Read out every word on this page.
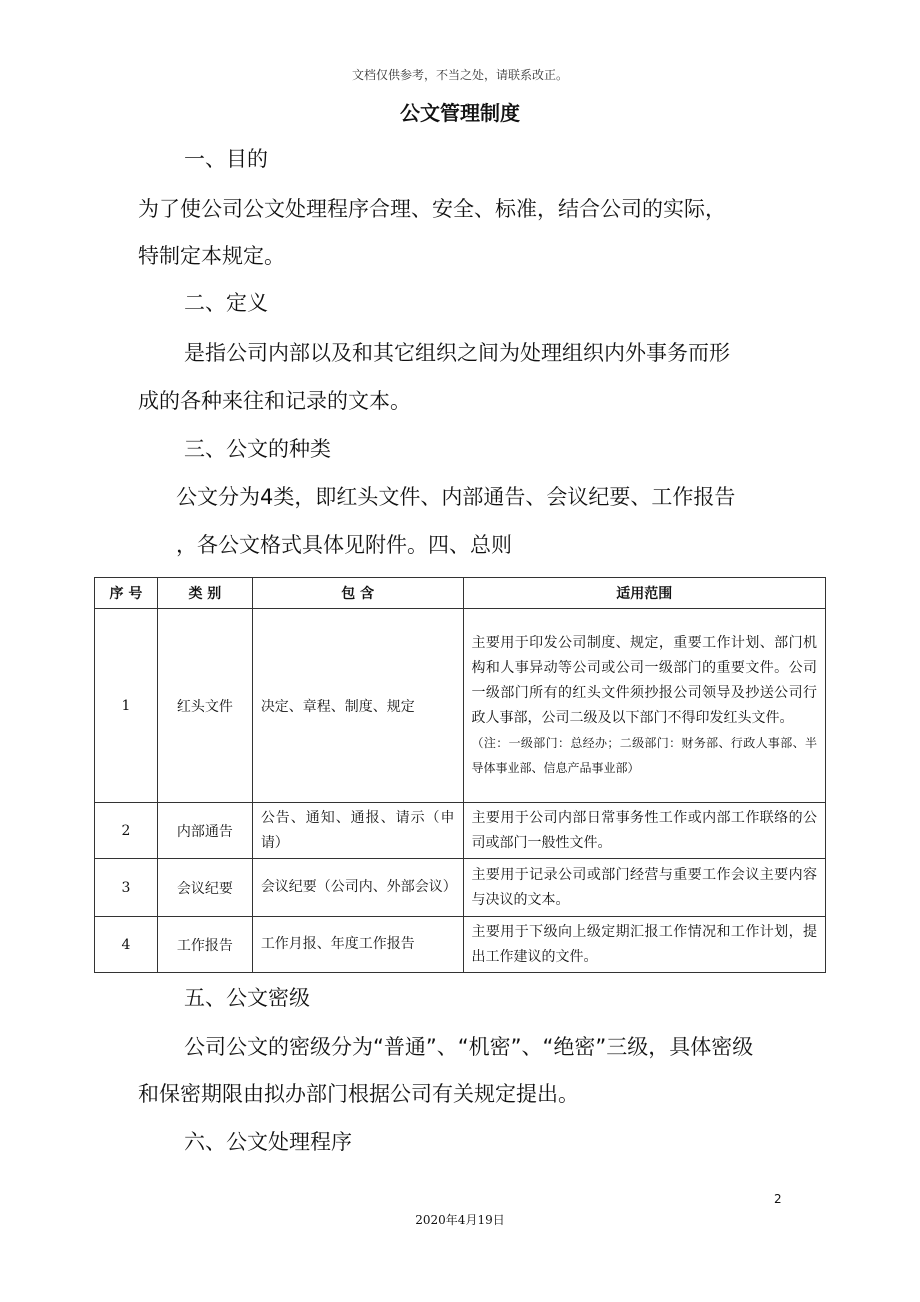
文档仅供参考，不当之处，请联系改正。
公文管理制度
一、目的
为了使公司公文处理程序合理、安全、标准，结合公司的实际，
特制定本规定。
二、定义
是指公司内部以及和其它组织之间为处理组织内外事务而形
成的各种来往和记录的文本。
三、公文的种类
公文分为4类，即红头文件、内部通告、会议纪要、工作报告
，各公文格式具体见附件。四、总则
序 号	类 别	包 含	适用范围
1	红头文件	决定、章程、制度、规定	主要用于印发公司制度、规定，重要工作计划、部门机构和人事异动等公司或公司一级部门的重要文件。公司一级部门所有的红头文件须抄报公司领导及抄送公司行政人事部，公司二级及以下部门不得印发红头文件。
（注：一级部门：总经办；二级部门：财务部、行政人事部、半导体事业部、信息产品事业部）

2	内部通告	公告、通知、通报、请示（申请）	主要用于公司内部日常事务性工作或内部工作联络的公司或部门一般性文件。
3	会议纪要	会议纪要（公司内、外部会议）	主要用于记录公司或部门经营与重要工作会议主要内容与决议的文本。
4	工作报告	工作月报、年度工作报告	主要用于下级向上级定期汇报工作情况和工作计划，提出工作建议的文件。
五、公文密级
公司公文的密级分为“普通”、“机密”、“绝密”三级，具体密级
和保密期限由拟办部门根据公司有关规定提出。
六、公文处理程序
2
2020年4月19日
